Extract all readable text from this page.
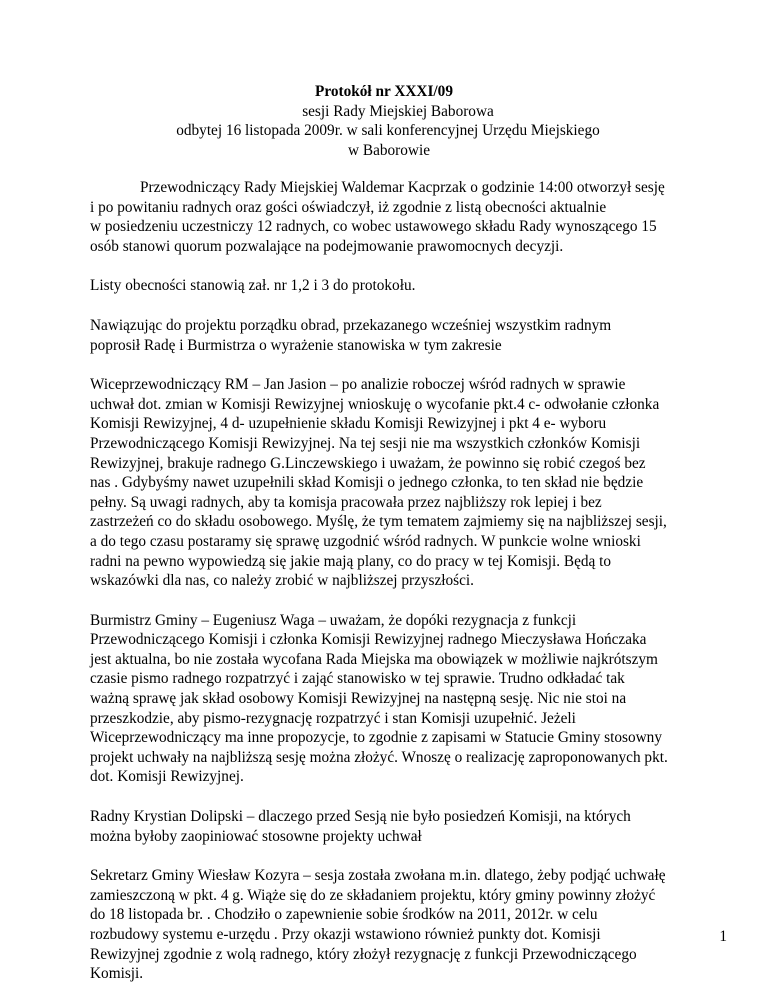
Protokół nr XXXI/09
sesji Rady Miejskiej Baborowa
odbytej 16 listopada 2009r. w sali konferencyjnej Urzędu Miejskiego
w Baborowie

Przewodniczący Rady Miejskiej Waldemar Kacprzak o godzinie 14:00 otworzył sesję
i po powitaniu radnych oraz gości oświadczył, iż zgodnie z listą obecności aktualnie
w posiedzeniu uczestniczy 12 radnych, co wobec ustawowego składu Rady wynoszącego 15
osób stanowi quorum pozwalające na podejmowanie prawomocnych decyzji.

Listy obecności stanowią zał. nr 1,2 i 3 do protokołu.

Nawiązując do projektu porządku obrad, przekazanego wcześniej wszystkim radnym
poprosił Radę i Burmistrza o wyrażenie stanowiska w tym zakresie

Wiceprzewodniczący RM – Jan Jasion – po analizie roboczej wśród radnych w sprawie
uchwał dot. zmian w Komisji Rewizyjnej wnioskuję o wycofanie pkt.4 c- odwołanie członka
Komisji Rewizyjnej, 4 d- uzupełnienie składu Komisji Rewizyjnej i pkt 4 e- wyboru
Przewodniczącego Komisji Rewizyjnej. Na tej sesji nie ma wszystkich członków Komisji
Rewizyjnej, brakuje radnego G.Linczewskiego i uważam, że powinno się robić czegoś bez
nas . Gdybyśmy nawet uzupełnili skład Komisji o jednego członka, to ten skład nie będzie
pełny. Są uwagi radnych, aby ta komisja pracowała przez najbliższy rok lepiej i bez
zastrzeżeń co do składu osobowego. Myślę, że tym tematem zajmiemy się na najbliższej sesji,
a do tego czasu postaramy się sprawę uzgodnić wśród radnych. W punkcie wolne wnioski
radni na pewno wypowiedzą się jakie mają plany, co do pracy w tej Komisji. Będą to
wskazówki dla nas, co należy zrobić w najbliższej przyszłości.

Burmistrz Gminy – Eugeniusz Waga – uważam, że dopóki rezygnacja z funkcji
Przewodniczącego Komisji i członka Komisji Rewizyjnej radnego Mieczysława Hończaka
jest aktualna, bo nie została wycofana Rada Miejska ma obowiązek w możliwie najkrótszym
czasie pismo radnego rozpatrzyć i zająć stanowisko w tej sprawie. Trudno odkładać tak
ważną sprawę jak skład osobowy Komisji Rewizyjnej na następną sesję. Nic nie stoi na
przeszkodzie, aby pismo-rezygnację rozpatrzyć i stan Komisji uzupełnić. Jeżeli
Wiceprzewodniczący ma inne propozycje, to zgodnie z zapisami w Statucie Gminy stosowny
projekt uchwały na najbliższą sesję można złożyć. Wnoszę o realizację zaproponowanych pkt.
dot. Komisji Rewizyjnej.

Radny Krystian Dolipski – dlaczego przed Sesją nie było posiedzeń Komisji, na których
można byłoby zaopiniować stosowne projekty uchwał

Sekretarz Gminy Wiesław Kozyra – sesja została zwołana m.in. dlatego, żeby podjąć uchwałę
zamieszczoną w pkt. 4 g. Wiąże się do ze składaniem projektu, który gminy powinny złożyć
do 18 listopada br. . Chodziło o zapewnienie sobie środków na 2011, 2012r. w celu
rozbudowy systemu e-urzędu . Przy okazji wstawiono również punkty dot. Komisji
Rewizyjnej zgodnie z wolą radnego, który złożył rezygnację z funkcji Przewodniczącego
Komisji.

1
